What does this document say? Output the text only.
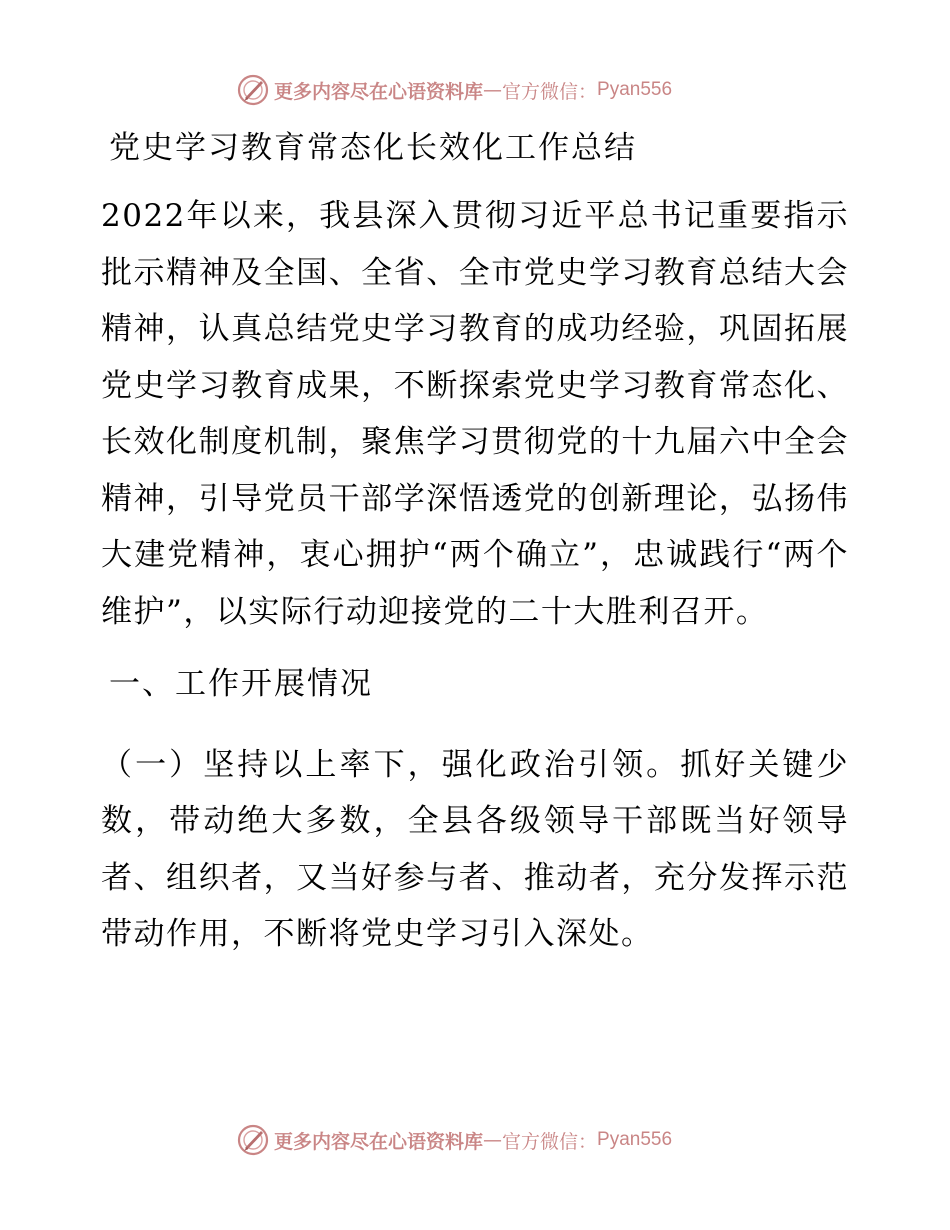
更多内容尽在心语资料库 — 官方微信： Pyan556
党史学习教育常态化长效化工作总结

2022年以来，我县深入贯彻习近平总书记重要指示批示精神及全国、全省、全市党史学习教育总结大会精神，认真总结党史学习教育的成功经验，巩固拓展党史学习教育成果，不断探索党史学习教育常态化、长效化制度机制，聚焦学习贯彻党的十九届六中全会精神，引导党员干部学深悟透党的创新理论，弘扬伟大建党精神，衷心拥护“两个确立”，忠诚践行“两个维护”，以实际行动迎接党的二十大胜利召开。

一、工作开展情况

（一）坚持以上率下，强化政治引领。抓好关键少数，带动绝大多数，全县各级领导干部既当好领导者、组织者，又当好参与者、推动者，充分发挥示范带动作用，不断将党史学习引入深处。

更多内容尽在心语资料库 — 官方微信： Pyan556
